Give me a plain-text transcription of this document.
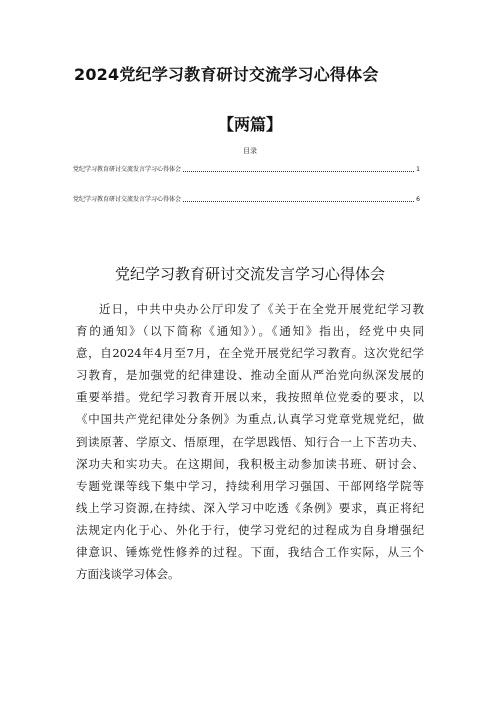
2024党纪学习教育研讨交流学习心得体会
【两篇】
目录
党纪学习教育研讨交流发言学习心得体会	1
党纪学习教育研讨交流发言学习心得体会	6
党纪学习教育研讨交流发言学习心得体会
近日，中共中央办公厅印发了《关于在全党开展党纪学习教
育的通知》（以下简称《通知》）。《通知》指出，经党中央同
意，自2024年4月至7月，在全党开展党纪学习教育。这次党纪学
习教育，是加强党的纪律建设、推动全面从严治党向纵深发展的
重要举措。党纪学习教育开展以来，我按照单位党委的要求，以
《中国共产党纪律处分条例》为重点,认真学习党章党规党纪，做
到读原著、学原文、悟原理，在学思践悟、知行合一上下苦功夫、
深功夫和实功夫。在这期间，我积极主动参加读书班、研讨会、
专题党课等线下集中学习，持续利用学习强国、干部网络学院等
线上学习资源,在持续、深入学习中吃透《条例》要求，真正将纪
法规定内化于心、外化于行，使学习党纪的过程成为自身增强纪
律意识、锤炼党性修养的过程。下面，我结合工作实际，从三个
方面浅谈学习体会。
